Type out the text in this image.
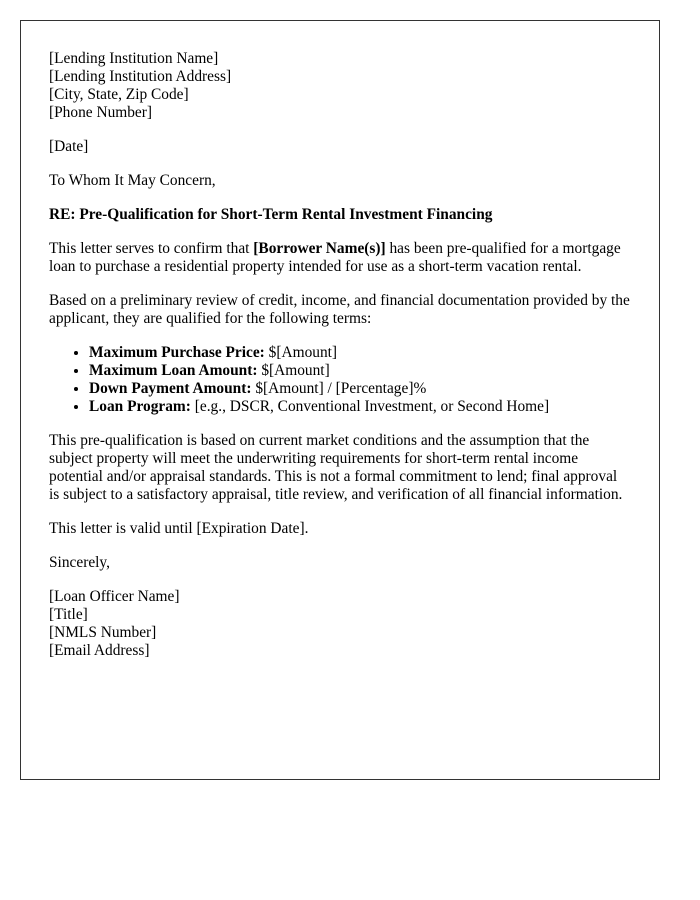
[Lending Institution Name]
[Lending Institution Address]
[City, State, Zip Code]
[Phone Number]

[Date]

To Whom It May Concern,

RE: Pre-Qualification for Short-Term Rental Investment Financing

This letter serves to confirm that [Borrower Name(s)] has been pre-qualified for a mortgage loan to purchase a residential property intended for use as a short-term vacation rental.

Based on a preliminary review of credit, income, and financial documentation provided by the applicant, they are qualified for the following terms:

• Maximum Purchase Price: $[Amount]
• Maximum Loan Amount: $[Amount]
• Down Payment Amount: $[Amount] / [Percentage]%
• Loan Program: [e.g., DSCR, Conventional Investment, or Second Home]

This pre-qualification is based on current market conditions and the assumption that the subject property will meet the underwriting requirements for short-term rental income potential and/or appraisal standards. This is not a formal commitment to lend; final approval is subject to a satisfactory appraisal, title review, and verification of all financial information.

This letter is valid until [Expiration Date].

Sincerely,

[Loan Officer Name]
[Title]
[NMLS Number]
[Email Address]
